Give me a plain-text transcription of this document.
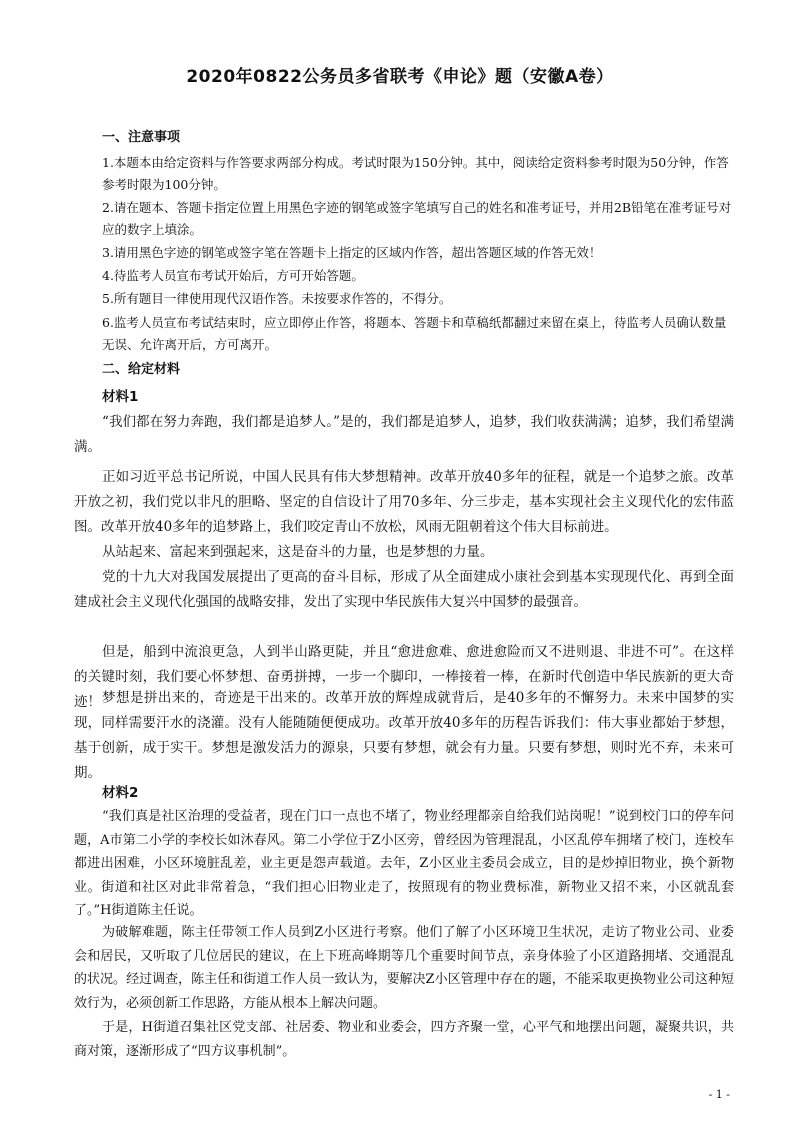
2020年0822公务员多省联考《申论》题（安徽A卷）
一、注意事项

1.本题本由给定资料与作答要求两部分构成。考试时限为150分钟。其中，阅读给定资料参考时限为50分钟，作答参考时限为100分钟。

2.请在题本、答题卡指定位置上用黑色字迹的钢笔或签字笔填写自己的姓名和准考证号，并用2B铅笔在准考证号对应的数字上填涂。

3.请用黑色字迹的钢笔或签字笔在答题卡上指定的区域内作答，超出答题区域的作答无效！

4.待监考人员宣布考试开始后，方可开始答题。

5.所有题目一律使用现代汉语作答。未按要求作答的，不得分。

6.监考人员宣布考试结束时，应立即停止作答，将题本、答题卡和草稿纸都翻过来留在桌上，待监考人员确认数量无误、允许离开后，方可离开。

二、给定材料
材料1

“我们都在努力奔跑，我们都是追梦人。”是的，我们都是追梦人，追梦，我们收获满满；追梦，我们希望满满。

正如习近平总书记所说，中国人民具有伟大梦想精神。改革开放40多年的征程，就是一个追梦之旅。改革开放之初，我们党以非凡的胆略、坚定的自信设计了用70多年、分三步走，基本实现社会主义现代化的宏伟蓝图。改革开放40多年的追梦路上，我们咬定青山不放松，风雨无阻朝着这个伟大目标前进。

从站起来、富起来到强起来，这是奋斗的力量，也是梦想的力量。

党的十九大对我国发展提出了更高的奋斗目标，形成了从全面建成小康社会到基本实现现代化、再到全面建成社会主义现代化强国的战略安排，发出了实现中华民族伟大复兴中国梦的最强音。

但是，船到中流浪更急，人到半山路更陡，并且“愈进愈难、愈进愈险而又不进则退、非进不可”。在这样的关键时刻，我们要心怀梦想、奋勇拼搏，一步一个脚印，一棒接着一棒，在新时代创造中华民族新的更大奇迹！ 梦想是拼出来的，奇迹是干出来的。改革开放的辉煌成就背后，是40多年的不懈努力。未来中国梦的实现，同样需要汗水的浇灌。没有人能随随便便成功。改革开放40多年的历程告诉我们：伟大事业都始于梦想，基于创新，成于实干。梦想是激发活力的源泉，只要有梦想，就会有力量。只要有梦想，则时光不弃，未来可期。

材料2

“我们真是社区治理的受益者，现在门口一点也不堵了，物业经理都亲自给我们站岗呢！”说到校门口的停车问题，A市第二小学的李校长如沐春风。第二小学位于Z小区旁，曾经因为管理混乱，小区乱停车拥堵了校门，连校车都进出困难，小区环境脏乱差，业主更是怨声载道。去年，Z小区业主委员会成立，目的是炒掉旧物业，换个新物业。街道和社区对此非常着急，“我们担心旧物业走了，按照现有的物业费标准，新物业又招不来，小区就乱套了。”H街道陈主任说。

为破解难题，陈主任带领工作人员到Z小区进行考察。他们了解了小区环境卫生状况，走访了物业公司、业委会和居民，又听取了几位居民的建议，在上下班高峰期等几个重要时间节点，亲身体验了小区道路拥堵、交通混乱的状况。经过调查，陈主任和街道工作人员一致认为，要解决Z小区管理中存在的题，不能采取更换物业公司这种短效行为，必须创新工作思路，方能从根本上解决问题。

于是，H街道召集社区党支部、社居委、物业和业委会，四方齐聚一堂，心平气和地摆出问题，凝聚共识，共商对策，逐渐形成了“四方议事机制”。

- 1 -
